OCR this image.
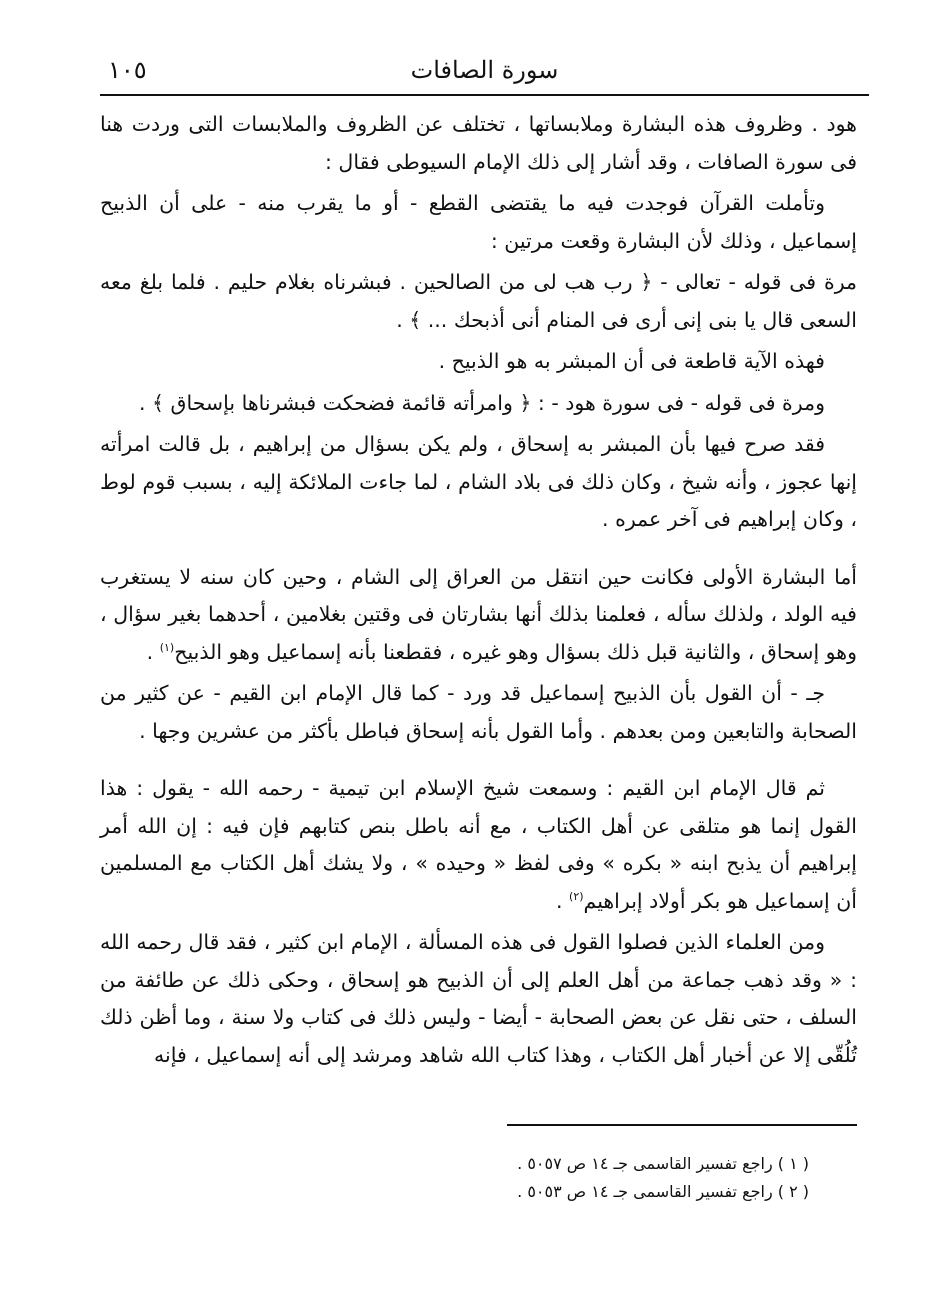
١٠٥	سورة الصافات

هود . وظروف هذه البشارة وملابساتها ، تختلف عن الظروف والملابسات التى وردت هنا فى سورة الصافات ، وقد أشار إلى ذلك الإمام السيوطى فقال :

وتأملت القرآن فوجدت فيه ما يقتضى القطع - أو ما يقرب منه - على أن الذبيح إسماعيل ، وذلك لأن البشارة وقعت مرتين :

مرة فى قوله - تعالى - ﴿ رب هب لى من الصالحين . فبشرناه بغلام حليم . فلما بلغ معه السعى قال يا بنى إنى أرى فى المنام أنى أذبحك ... ﴾ .

فهذه الآية قاطعة فى أن المبشر به هو الذبيح .

ومرة فى قوله - فى سورة هود - : ﴿ وامرأته قائمة فضحكت فبشرناها بإسحاق ﴾ .

فقد صرح فيها بأن المبشر به إسحاق ، ولم يكن بسؤال من إبراهيم ، بل قالت امرأته إنها عجوز ، وأنه شيخ ، وكان ذلك فى بلاد الشام ، لما جاءت الملائكة إليه ، بسبب قوم لوط ، وكان إبراهيم فى آخر عمره .

أما البشارة الأولى فكانت حين انتقل من العراق إلى الشام ، وحين كان سنه لا يستغرب فيه الولد ، ولذلك سأله ، فعلمنا بذلك أنها بشارتان فى وقتين بغلامين ، أحدهما بغير سؤال ، وهو إسحاق ، والثانية قبل ذلك بسؤال وهو غيره ، فقطعنا بأنه إسماعيل وهو الذبيح$^{(١)}$ .

جـ - أن القول بأن الذبيح إسماعيل قد ورد - كما قال الإمام ابن القيم - عن كثير من الصحابة والتابعين ومن بعدهم . وأما القول بأنه إسحاق فباطل بأكثر من عشرين وجها .

ثم قال الإمام ابن القيم : وسمعت شيخ الإسلام ابن تيمية - رحمه الله - يقول : هذا القول إنما هو متلقى عن أهل الكتاب ، مع أنه باطل بنص كتابهم فإن فيه : إن الله أمر إبراهيم أن يذبح ابنه « بكره » وفى لفظ « وحيده » ، ولا يشك أهل الكتاب مع المسلمين أن إسماعيل هو بكر أولاد إبراهيم$^{(٢)}$ .

ومن العلماء الذين فصلوا القول فى هذه المسألة ، الإمام ابن كثير ، فقد قال رحمه الله : « وقد ذهب جماعة من أهل العلم إلى أن الذبيح هو إسحاق ، وحكى ذلك عن طائفة من السلف ، حتى نقل عن بعض الصحابة - أيضا - وليس ذلك فى كتاب ولا سنة ، وما أظن ذلك تُلُقّى إلا عن أخبار أهل الكتاب ، وهذا كتاب الله شاهد ومرشد إلى أنه إسماعيل ، فإنه

( ١ ) راجع تفسير القاسمى جـ ١٤ ص ٥٠٥٧ .
( ٢ ) راجع تفسير القاسمى جـ ١٤ ص ٥٠٥٣ .
